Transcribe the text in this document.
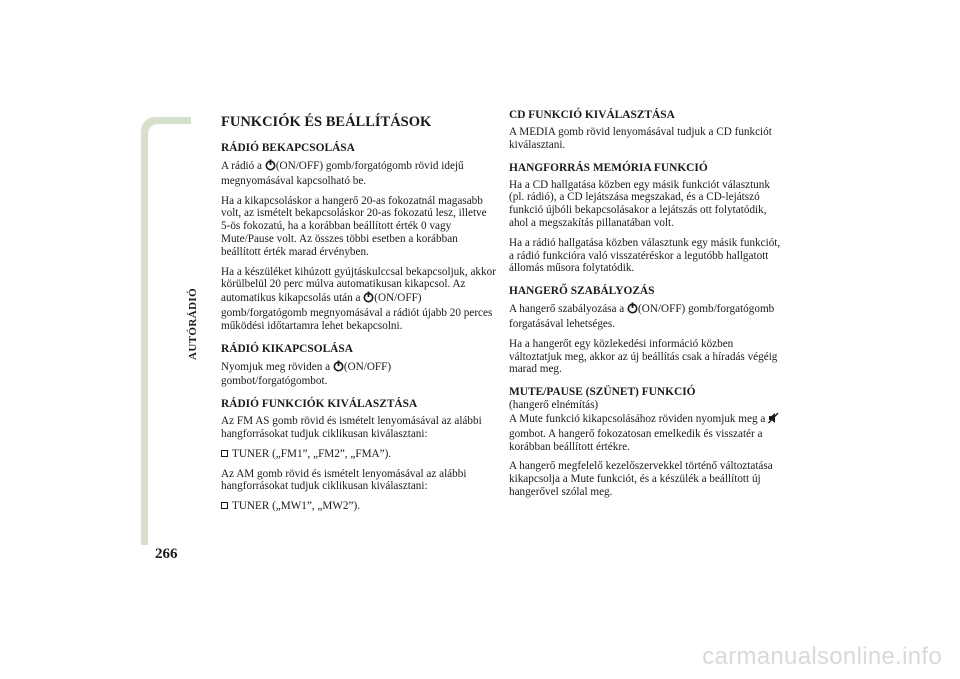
AUTÓRÁDIÓ
266
FUNKCIÓK ÉS BEÁLLÍTÁSOK
RÁDIÓ BEKAPCSOLÁSA

A rádió a (ON/OFF) gomb/forgatógomb rövid idejű megnyomásával kapcsolható be.

Ha a kikapcsoláskor a hangerő 20-as fokozatnál magasabb volt, az ismételt bekapcsoláskor 20-as fokozatú lesz, illetve 5-ös fokozatú, ha a korábban beállított érték 0 vagy Mute/Pause volt. Az összes többi esetben a korábban beállított érték marad érvényben.

Ha a készüléket kihúzott gyújtáskulccsal bekapcsoljuk, akkor körülbelül 20 perc múlva automatikusan kikapcsol. Az automatikus kikapcsolás után a (ON/OFF) gomb/forgatógomb megnyomásával a rádiót újabb 20 perces működési időtartamra lehet bekapcsolni.

RÁDIÓ KIKAPCSOLÁSA

Nyomjuk meg röviden a (ON/OFF) gombot/forgatógombot.

RÁDIÓ FUNKCIÓK KIVÁLASZTÁSA

Az FM AS gomb rövid és ismételt lenyomásával az alábbi hangforrásokat tudjuk ciklikusan kiválasztani:

TUNER („FM1”, „FM2”, „FMA”).

Az AM gomb rövid és ismételt lenyomásával az alábbi hangforrásokat tudjuk ciklikusan kiválasztani:

TUNER („MW1”, „MW2”).

CD FUNKCIÓ KIVÁLASZTÁSA

A MEDIA gomb rövid lenyomásával tudjuk a CD funkciót kiválasztani.

HANGFORRÁS MEMÓRIA FUNKCIÓ

Ha a CD hallgatása közben egy másik funkciót választunk (pl. rádió), a CD lejátszása megszakad, és a CD-lejátszó funkció újbóli bekapcsolásakor a lejátszás ott folytatódik, ahol a megszakítás pillanatában volt.

Ha a rádió hallgatása közben választunk egy másik funkciót, a rádió funkcióra való visszatéréskor a legutóbb hallgatott állomás műsora folytatódik.

HANGERŐ SZABÁLYOZÁS

A hangerő szabályozása a (ON/OFF) gomb/forgatógomb forgatásával lehetséges.

Ha a hangerőt egy közlekedési információ közben változtatjuk meg, akkor az új beállítás csak a híradás végéig marad meg.

MUTE/PAUSE (SZÜNET) FUNKCIÓ

(hangerő elnémítás)

A Mute funkció kikapcsolásához röviden nyomjuk meg a gombot. A hangerő fokozatosan emelkedik és visszatér a korábban beállított értékre.

A hangerő megfelelő kezelőszervekkel történő változtatása kikapcsolja a Mute funkciót, és a készülék a beállított új hangerővel szólal meg.

carmanualsonline.info
